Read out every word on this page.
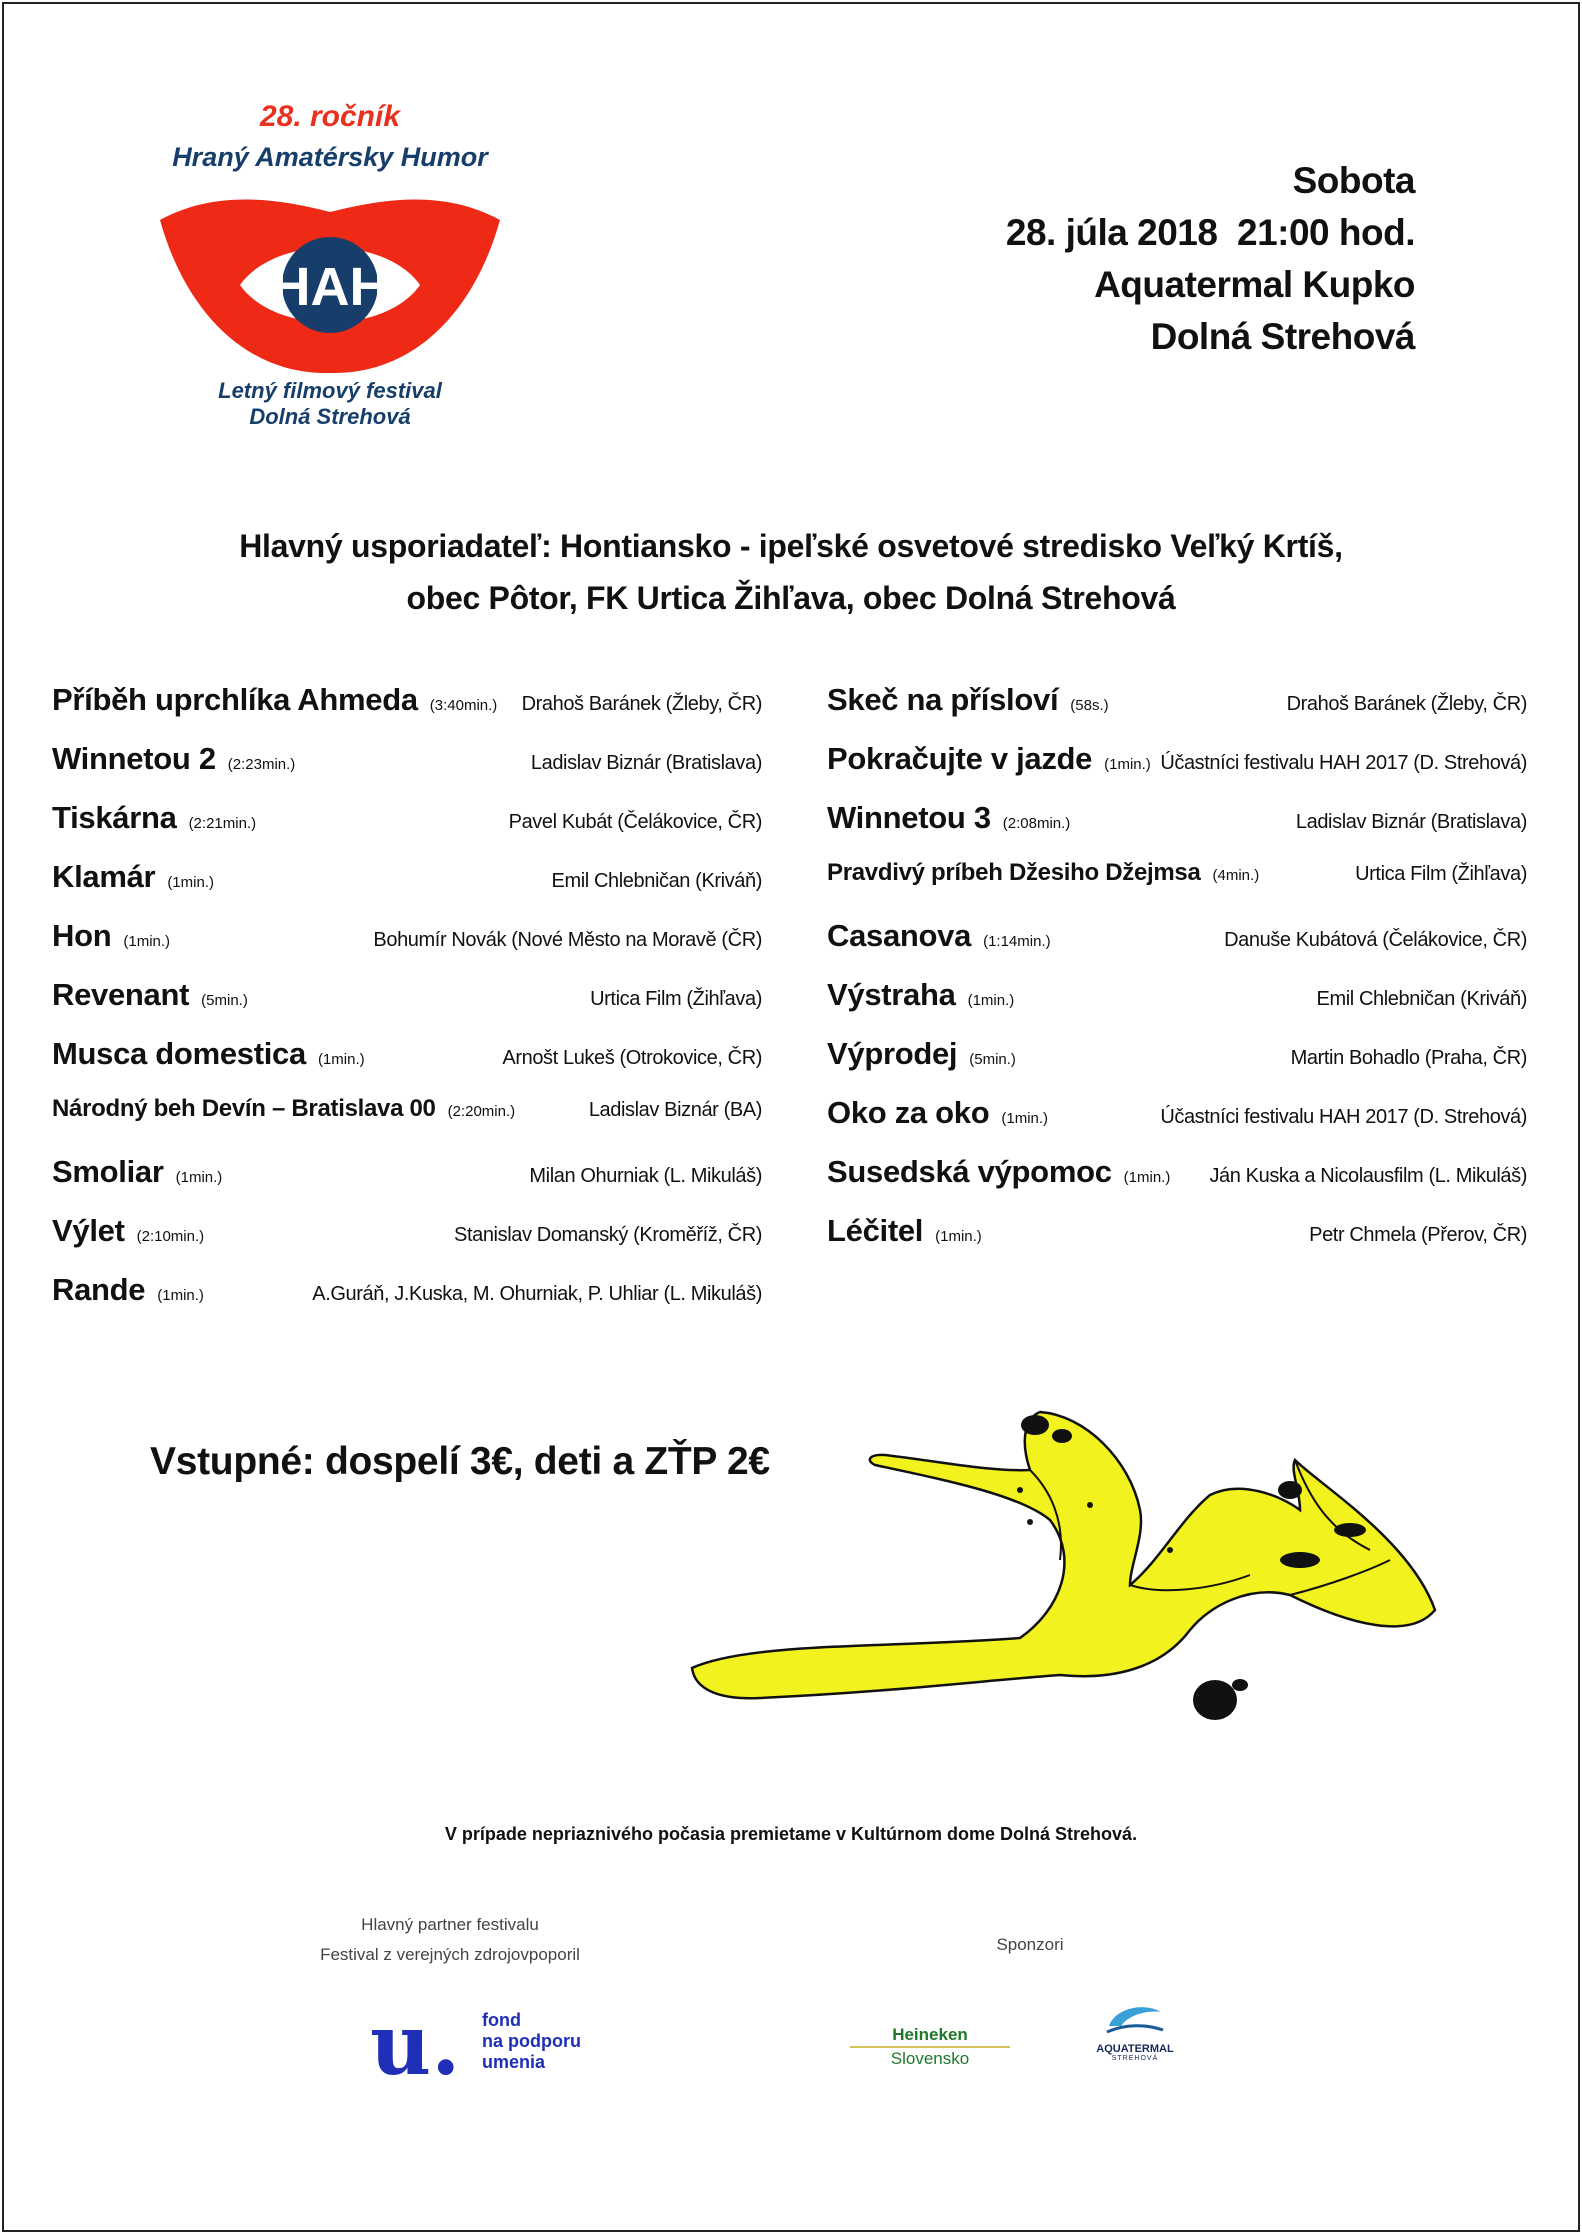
28. ročník
Hraný Amatérsky Humor
HAH
Letný filmový festival
Dolná Strehová
Sobota
28. júla 2018  21:00 hod.
Aquatermal Kupko
Dolná Strehová
Hlavný usporiadateľ: Hontiansko - ipeľské osvetové stredisko Veľký Krtíš,
obec Pôtor, FK Urtica Žihľava, obec Dolná Strehová
Příběh uprchlíka Ahmeda (3:40min.) Drahoš Baránek (Žleby, ČR)
Winnetou 2 (2:23min.)	Ladislav Biznár (Bratislava)
Tiskárna (2:21min.)	Pavel Kubát (Čelákovice, ČR)
Klamár (1min.)	Emil Chlebničan (Kriváň)
Hon (1min.)	Bohumír Novák (Nové Město na Moravě (ČR)
Revenant (5min.)	Urtica Film (Žihľava)
Musca domestica (1min.)	Arnošt Lukeš (Otrokovice, ČR)
Národný beh Devín – Bratislava 00 (2:20min.)	Ladislav Biznár (BA)
Smoliar (1min.)	Milan Ohurniak (L. Mikuláš)
Výlet (2:10min.)	Stanislav Domanský (Kroměříž, ČR)
Rande (1min.)	A.Guráň, J.Kuska, M. Ohurniak, P. Uhliar (L. Mikuláš)
Skeč na přísloví (58s.)	Drahoš Baránek (Žleby, ČR)
Pokračujte v jazde (1min.) Účastníci festivalu HAH 2017 (D. Strehová)
Winnetou 3 (2:08min.)	Ladislav Biznár (Bratislava)
Pravdivý príbeh Džesiho Džejmsa (4min.)	Urtica Film (Žihľava)
Casanova (1:14min.)	Danuše Kubátová (Čelákovice, ČR)
Výstraha (1min.)	Emil Chlebničan (Kriváň)
Výprodej (5min.)	Martin Bohadlo (Praha, ČR)
Oko za oko (1min.)	Účastníci festivalu HAH 2017 (D. Strehová)
Susedská výpomoc (1min.) Ján Kuska a Nicolausfilm (L. Mikuláš)
Léčitel (1min.)	Petr Chmela (Přerov, ČR)
Vstupné: dospelí 3€, deti a ZŤP 2€
V prípade nepriaznivého počasia premietame v Kultúrnom dome Dolná Strehová.
Hlavný partner festivalu
Festival z verejných zdrojovpoporil
u. fond
na podporu
umenia
Sponzori
Heineken
Slovensko	AQUATERMAL
STREHOVÁ
